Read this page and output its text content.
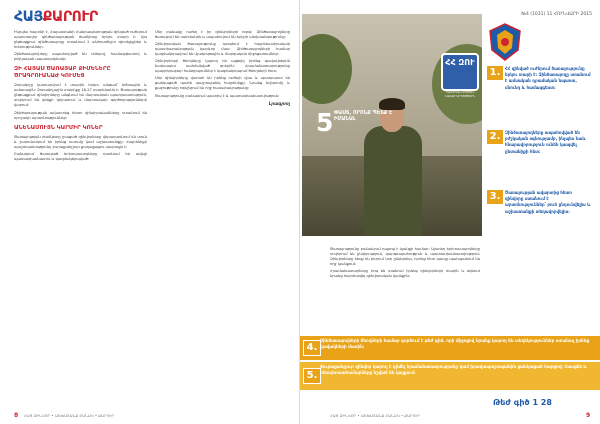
ՀԱՅՔԱՐՈՒՐ

Ինչպես հայտնի է, Հայաստանի Հանրապետության զինված ուժերում պարտադիր զինծառայության ժամկետը երկու տարի է։ Այդ ընթացքում զինծառայողը ստանում է անհրաժեշտ գիտելիքներ և հմտություններ։

Զինծառայողները ապահովված են սննդով, համազգեստով և բժշկական սպասարկմամբ։

ԶԻ ՀԱՅԱՍ ԾԱՌԱՅԱԲ ՔԻՄԵՆԵՐԸ ԾՐԱԳՐՈՒԱՆԱԺ ԿՈՒՄԵՑ

Զորակոչը կատարվում է տարին երկու անգամ՝ ձմեռային և ամառային։ Զորակոչային տարիքը 18-27 տարեկանն է։ Ծառայության ընթացքում զինվորները անցնում են մարտական պատրաստություն, սովորում են զենքի կիրառում և մարտական գործողությունների վարում։

Զինծառայության ավարտից հետո զինվորականները ստանում են որոշակի արտոնություններ։

ԱՆԵՆԱՄՈՒՅՆ ԿԱՐՄԻՐ ԿՈՆԵՐ

Ծառայության ժամկետը լրացած զինվորները վերադառնում են տուն և շարունակում են իրենց ուսումը կամ աշխատանքը։ Հայրենիքի պաշտպանությունը յուրաքանչյուր քաղաքացու պարտքն է։

Բանակում ծառայած երիտասարդները դառնում են ավելի պատասխանատու և կազմակերպված։

Մեր բանակը ուժեղ է իր զինվորների ոգով։ Զինծառայողները ծառայում են սահմանին և ապահովում են երկրի անվտանգությունը։

Զինվորական ծառայությունը կազմում է հայրենասիրական դաստիարակության կարևոր մաս։ Զինծառայողների համար կազմակերպվում են մշակութային և մարզական միջոցառումներ։

Զինվորների ծնողները կարող են այցելել իրենց զավակներին նախապես սահմանված օրերին։ Հրամանատարությունը պարբերաբար հանդիպումներ է կազմակերպում ծնողների հետ։

Մեր զինվորները վստահ են իրենց ուժերի վրա և պատրաստ են ցանկացած պահի պաշտպանել հայրենիքը։ Նրանց նվիրումը և քաջությունը ոգեշնչում են ողջ հասարակությանը։

Ծառայությունը բանակում պատիվ է և պատասխանատվություն։

Լրագրող
8 ՀԱՅ ԶԻՆՎՈՐ • ԱՇԽԱՏԱՆՔ ԲԱՆԱԿ • ՔԱՐՈՒՐ
№4 (1031) 11 ՀՈՒՆՎԱՐԻ 2015
5 ՓԱՍՏ, ՈՐՈՆՔ ՊԵՏՔ Է ԻՄԱՆԱԼ
ՀՀ ԶՈՒ
ՊԱՇՏՊԱՆՈՒԹՅԱՆ ՆԱԽԱՐԱՐՈՒԹՅՈՒՆ
1.	ՀՀ զինված ուժերում ծառայությունը երկու տարի է։ Զինծառայողը ստանում է ամսական դրամական նպաստ, սնունդ և համազգեստ։
2.	Զինծառայողները ապահովված են բժշկական օգնությամբ, ինչպես նաև հնարավորություն ունեն կապվել ընտանիքի հետ։
3.	Ծառայության ավարտից հետո զինվորը ստանում է արտոնություններ՝ բուհ ընդունվելիս և աշխատանքի տեղավորվելիս։

Ծառայությունը բանակում դպրոց է կյանքի համար։ Այստեղ երիտասարդները սովորում են ընկերություն, կարգապահություն և պատասխանատվություն։ Զինվորները ձեռք են բերում նոր ընկերներ, որոնց հետ կապը պահպանում են ողջ կյանքում։

Հրամանատարները հոգ են տանում իրենց զինվորների մասին և օգնում նրանց հարմարվել զինվորական կյանքին։

4.
Զինծառայողների ծնողների համար գործում է թեժ գիծ, որի միջոցով նրանք կարող են տեղեկություններ ստանալ իրենց զավակների մասին։
5.
Յուրաքանչյուր զինվոր կարող է դիմել հրամանատարությանը կամ իրավապաշտպանին ցանկացած հարցով։ Հասցեն և հեռախոսահամարները նշված են կայքում։
Թեժ գիծ 1 28
ՀԱՅ ԶԻՆՎՈՐ • ԱՇԽԱՏԱՆՔ ԲԱՆԱԿ • ՔԱՐՈՒՐ	9
